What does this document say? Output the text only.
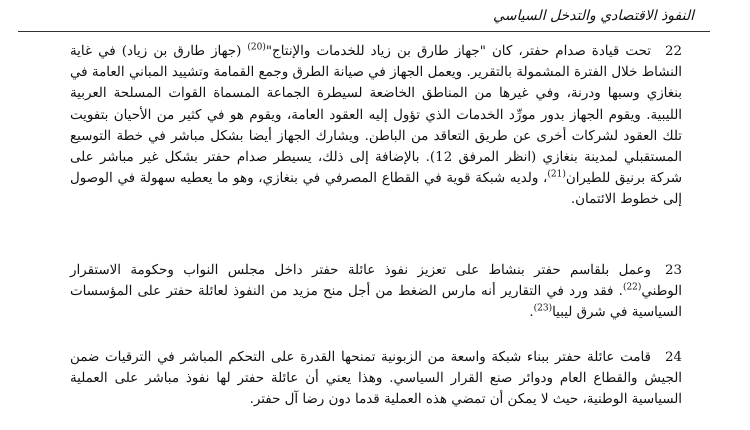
النفوذ الاقتصادي والتدخل السياسي

22تحت قيادة صدام حفتر، كان "جهاز طارق بن زياد للخدمات والإنتاج"$^{(20)}$ (جهاز طارق بن زياد) في غاية النشاط خلال الفترة المشمولة بالتقرير. ويعمل الجهاز في صيانة الطرق وجمع القمامة وتشييد المباني العامة في بنغازي وسبها ودرنة، وفي غيرها من المناطق الخاضعة لسيطرة الجماعة المسماة القوات المسلحة العربية الليبية. ويقوم الجهاز بدور مورِّد الخدمات الذي تؤول إليه العقود العامة، ويقوم هو في كثير من الأحيان بتفويت تلك العقود لشركات أخرى عن طريق التعاقد من الباطن. ويشارك الجهاز أيضا بشكل مباشر في خطة التوسيع المستقبلي لمدينة بنغازي (انظر المرفق 12). بالإضافة إلى ذلك، يسيطر صدام حفتر بشكل غير مباشر على شركة برنيق للطيران$^{(21)}$، ولديه شبكة قوية في القطاع المصرفي في بنغازي، وهو ما يعطيه سهولة في الوصول إلى خطوط الائتمان.

23وعمل بلقاسم حفتر بنشاط على تعزيز نفوذ عائلة حفتر داخل مجلس النواب وحكومة الاستقرار الوطني$^{(22)}$. فقد ورد في التقارير أنه مارس الضغط من أجل منح مزيد من النفوذ لعائلة حفتر على المؤسسات السياسية في شرق ليبيا$^{(23)}$.

24قامت عائلة حفتر ببناء شبكة واسعة من الزبونية تمنحها القدرة على التحكم المباشر في الترقيات ضمن الجيش والقطاع العام ودوائر صنع القرار السياسي. وهذا يعني أن عائلة حفتر لها نفوذ مباشر على العملية السياسية الوطنية، حيث لا يمكن أن تمضي هذه العملية قدما دون رضا آل حفتر.
